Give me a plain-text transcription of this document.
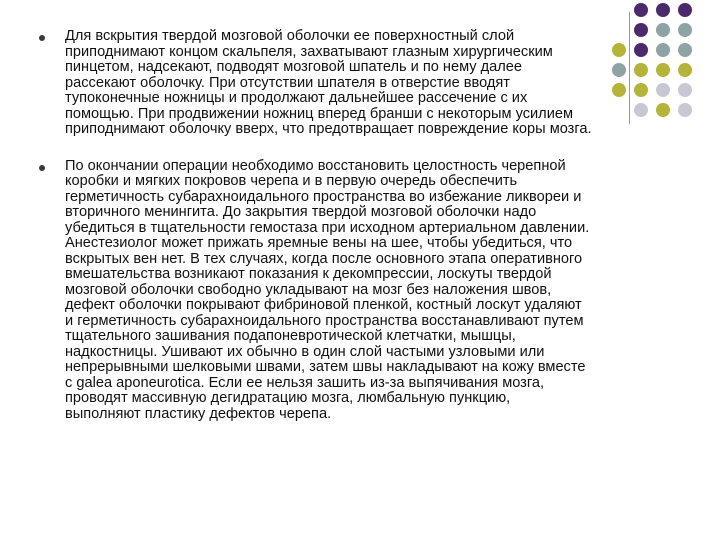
Для вскрытия твердой мозговой оболочки ее поверхностный слой
приподнимают концом скальпеля, захватывают глазным хирургическим
пинцетом, надсекают, подводят мозговой шпатель и по нему далее
рассекают оболочку. При отсутствии шпателя в отверстие вводят
тупоконечные ножницы и продолжают дальнейшее рассечение с их
помощью. При продвижении ножниц вперед бранши с некоторым усилием
приподнимают оболочку вверх, что предотвращает повреждение коры мозга.

По окончании операции необходимо восстановить целостность черепной
коробки и мягких покровов черепа и в первую очередь обеспечить
герметичность субарахноидального пространства во избежание ликвореи и
вторичного менингита. До закрытия твердой мозговой оболочки надо
убедиться в тщательности гемостаза при исходном артериальном давлении.
Анестезиолог может прижать яремные вены на шее, чтобы убедиться, что
вскрытых вен нет. В тех случаях, когда после основного этапа оперативного
вмешательства возникают показания к декомпрессии, лоскуты твердой
мозговой оболочки свободно укладывают на мозг без наложения швов,
дефект оболочки покрывают фибриновой пленкой, костный лоскут удаляют
и герметичность субарахноидального пространства восстанавливают путем
тщательного зашивания подапоневротической клетчатки, мышцы,
надкостницы. Ушивают их обычно в один слой частыми узловыми или
непрерывными шелковыми швами, затем швы накладывают на кожу вместе
с galea aponeurotica. Если ее нельзя зашить из-за выпячивания мозга,
проводят массивную дегидратацию мозга, люмбальную пункцию,
выполняют пластику дефектов черепа.
